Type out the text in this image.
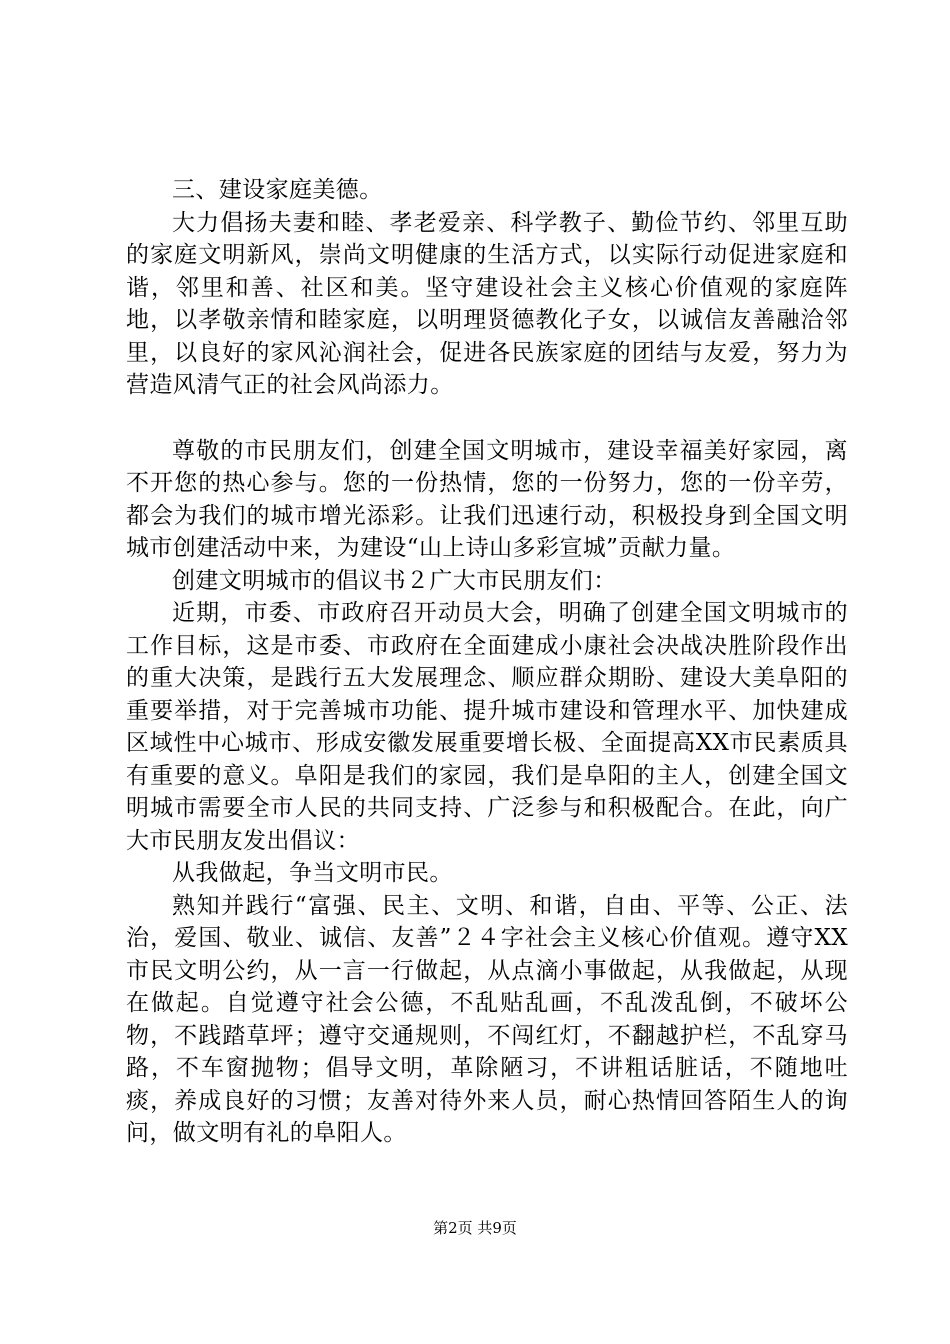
三、建设家庭美德。

大力倡扬夫妻和睦、孝老爱亲、科学教子、勤俭节约、邻里互助的家庭文明新风，崇尚文明健康的生活方式，以实际行动促进家庭和谐，邻里和善、社区和美。坚守建设社会主义核心价值观的家庭阵地，以孝敬亲情和睦家庭，以明理贤德教化子女，以诚信友善融洽邻里，以良好的家风沁润社会，促进各民族家庭的团结与友爱，努力为营造风清气正的社会风尚添力。

尊敬的市民朋友们，创建全国文明城市，建设幸福美好家园，离不开您的热心参与。您的一份热情，您的一份努力，您的一份辛劳，都会为我们的城市增光添彩。让我们迅速行动，积极投身到全国文明城市创建活动中来，为建设“山上诗山多彩宣城”贡献力量。

创建文明城市的倡议书２广大市民朋友们：

近期，市委、市政府召开动员大会，明确了创建全国文明城市的工作目标，这是市委、市政府在全面建成小康社会决战决胜阶段作出的重大决策，是践行五大发展理念、顺应群众期盼、建设大美阜阳的重要举措，对于完善城市功能、提升城市建设和管理水平、加快建成区域性中心城市、形成安徽发展重要增长极、全面提高XX市民素质具有重要的意义。阜阳是我们的家园，我们是阜阳的主人，创建全国文明城市需要全市人民的共同支持、广泛参与和积极配合。在此，向广大市民朋友发出倡议：

从我做起，争当文明市民。

熟知并践行“富强、民主、文明、和谐，自由、平等、公正、法治，爱国、敬业、诚信、友善”２４字社会主义核心价值观。遵守XX市民文明公约，从一言一行做起，从点滴小事做起，从我做起，从现在做起。自觉遵守社会公德，不乱贴乱画，不乱泼乱倒，不破坏公物，不践踏草坪；遵守交通规则，不闯红灯，不翻越护栏，不乱穿马路，不车窗抛物；倡导文明，革除陋习，不讲粗话脏话，不随地吐痰，养成良好的习惯；友善对待外来人员，耐心热情回答陌生人的询问，做文明有礼的阜阳人。

第2页 共9页
